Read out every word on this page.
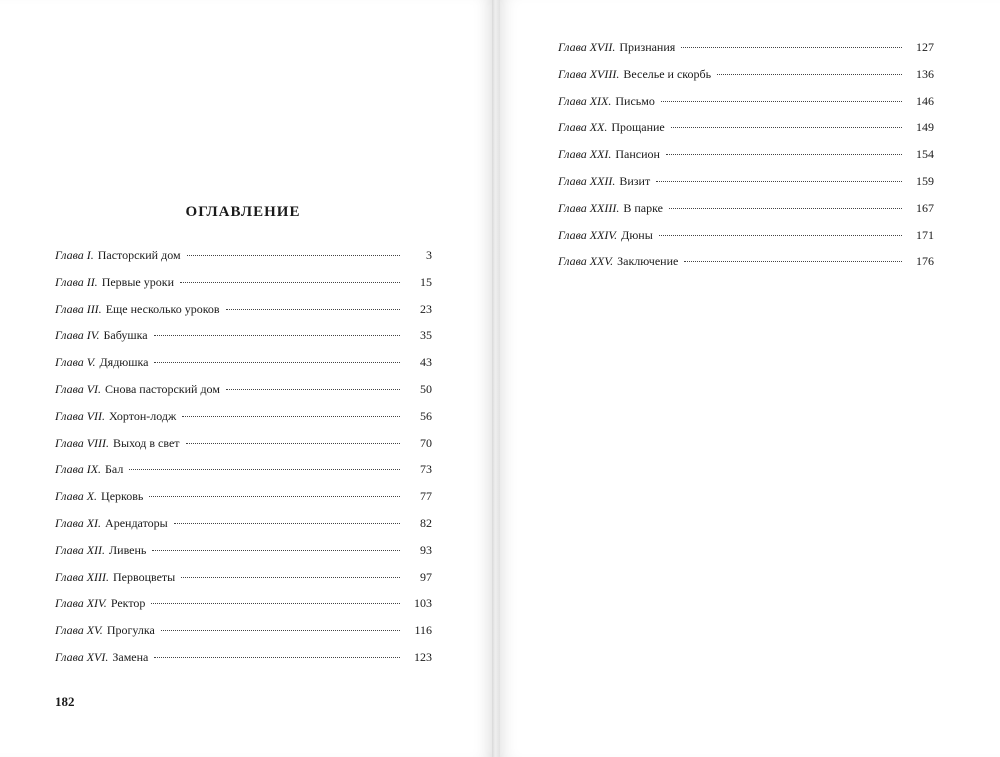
ОГЛАВЛЕНИЕ
Глава I. Пасторский дом	3
Глава II. Первые уроки	15
Глава III. Еще несколько уроков	23
Глава IV. Бабушка	35
Глава V. Дядюшка	43
Глава VI. Снова пасторский дом	50
Глава VII. Хортон-лодж	56
Глава VIII. Выход в свет	70
Глава IX. Бал	73
Глава X. Церковь	77
Глава XI. Арендаторы	82
Глава XII. Ливень	93
Глава XIII. Первоцветы	97
Глава XIV. Ректор	103
Глава XV. Прогулка	116
Глава XVI. Замена	123
182
Глава XVII. Признания	127
Глава XVIII. Веселье и скорбь	136
Глава XIX. Письмо	146
Глава XX. Прощание	149
Глава XXI. Пансион	154
Глава XXII. Визит	159
Глава XXIII. В парке	167
Глава XXIV. Дюны	171
Глава XXV. Заключение	176
